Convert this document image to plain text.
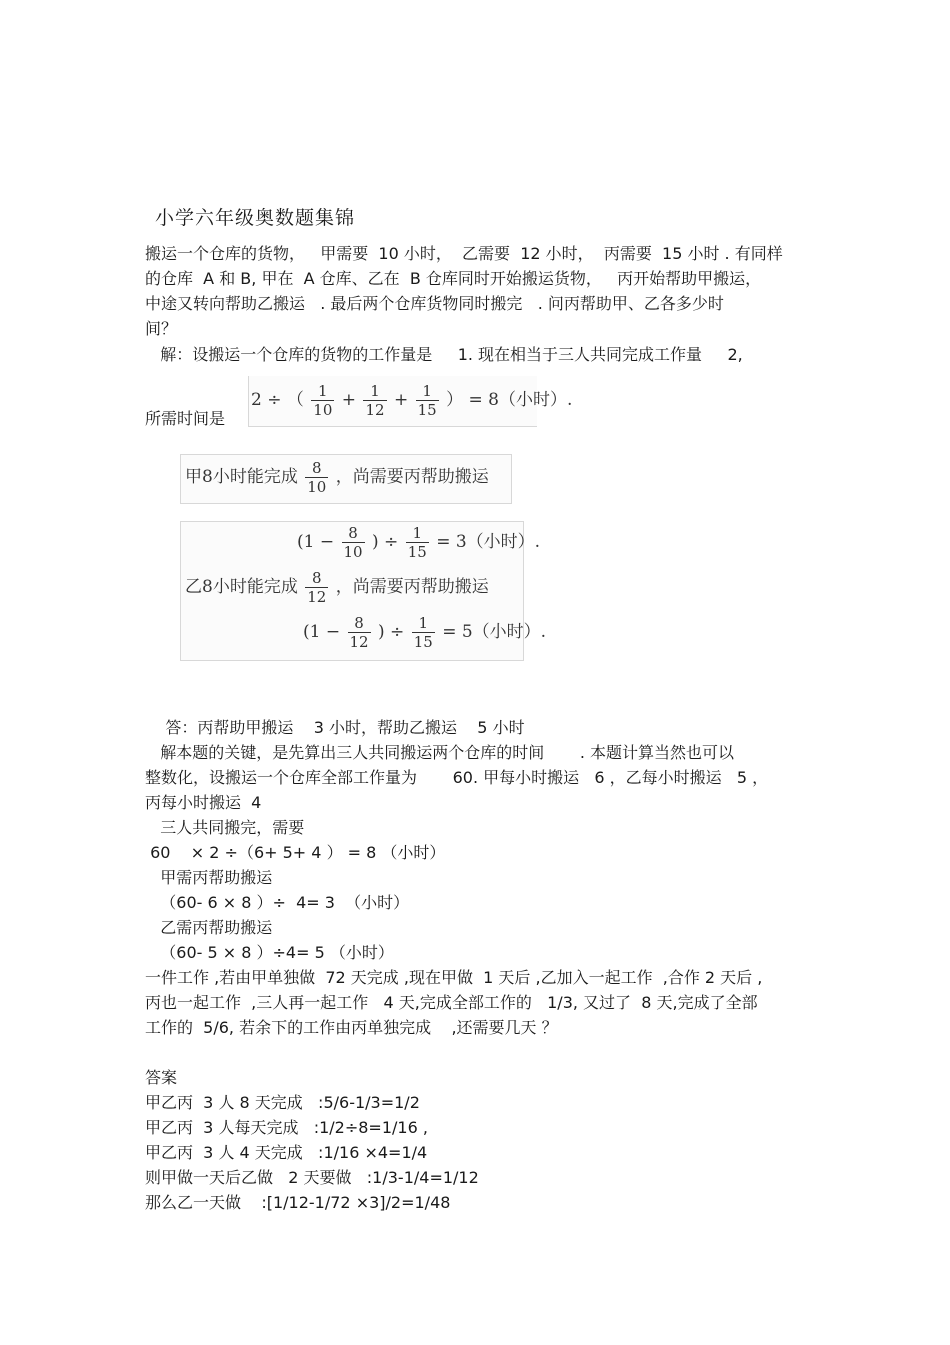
小学六年级奥数题集锦
搬运一个仓库的货物，   甲需要  10 小时，  乙需要  12 小时，  丙需要  15 小时 . 有同样
的仓库  A 和 B, 甲在  A 仓库、乙在  B 仓库同时开始搬运货物，   丙开始帮助甲搬运，
中途又转向帮助乙搬运   . 最后两个仓库货物同时搬完   . 问丙帮助甲、乙各多少时
间？
解：设搬运一个仓库的货物的工作量是     1. 现在相当于三人共同完成工作量     2,
所需时间是
2 ÷ （ $\frac{1}{10} + \frac{1}{12} + \frac{1}{15}$ ） = 8（小时）.
甲8小时能完成 $\frac{8}{10}$ ，尚需要丙帮助搬运
($1 - \frac{8}{10}$ ) ÷ $\frac{1}{15} = 3$（小时）.
乙8小时能完成 $\frac{8}{12}$ ，尚需要丙帮助搬运
($1 - \frac{8}{12}$ ) ÷ $\frac{1}{15} = 5$（小时）.
答：丙帮助甲搬运    3 小时，帮助乙搬运    5 小时
解本题的关键，是先算出三人共同搬运两个仓库的时间       . 本题计算当然也可以
整数化，设搬运一个仓库全部工作量为       60. 甲每小时搬运   6 ，乙每小时搬运   5 ，
丙每小时搬运  4
三人共同搬完，需要
60    × 2 ÷（6+ 5+ 4 ） = 8 （小时）
甲需丙帮助搬运
（60- 6 × 8 ）÷  4= 3  （小时）
乙需丙帮助搬运
（60- 5 × 8 ）÷4= 5 （小时）
一件工作 ,若由甲单独做  72 天完成 ,现在甲做  1 天后 ,乙加入一起工作  ,合作 2 天后 ,
丙也一起工作  ,三人再一起工作   4 天,完成全部工作的   1/3, 又过了  8 天,完成了全部
工作的  5/6, 若余下的工作由丙单独完成    ,还需要几天 ？
答案
甲乙丙  3 人 8 天完成   :5/6-1/3=1/2
甲乙丙  3 人每天完成   :1/2÷8=1/16 ,
甲乙丙  3 人 4 天完成   :1/16 ×4=1/4
则甲做一天后乙做   2 天要做   :1/3-1/4=1/12
那么乙一天做    :[1/12-1/72 ×3]/2=1/48
